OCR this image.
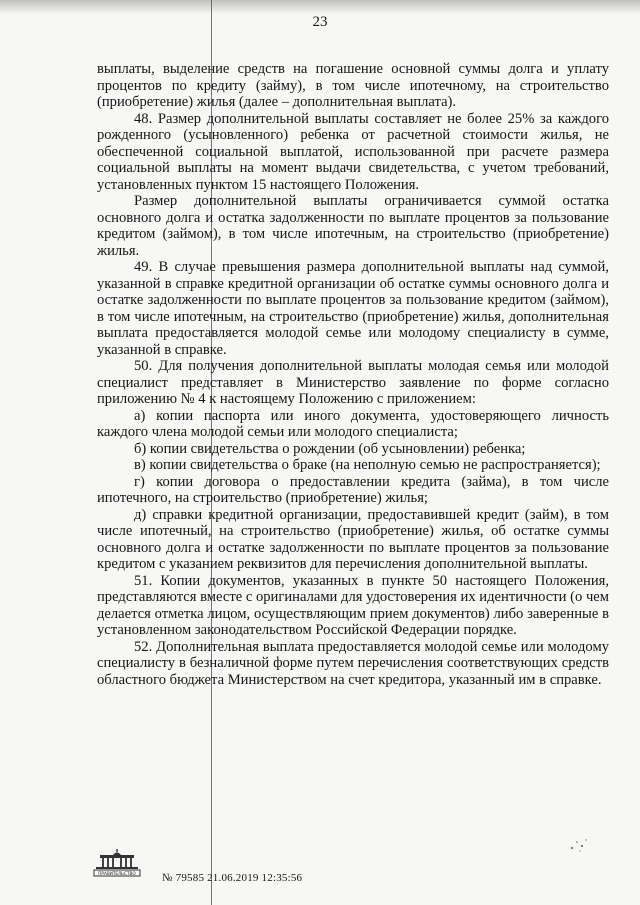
23

выплаты, выделение средств на погашение основной суммы долга и уплату процентов по кредиту (займу), в том числе ипотечному, на строительство (приобретение) жилья (далее – дополнительная выплата).

48. Размер дополнительной выплаты составляет не более 25% за каждого рожденного (усыновленного) ребенка от расчетной стоимости жилья, не обеспеченной социальной выплатой, использованной при расчете размера социальной выплаты на момент выдачи свидетельства, с учетом требований, установленных пунктом 15 настоящего Положения.

Размер дополнительной выплаты ограничивается суммой остатка основного долга и остатка задолженности по выплате процентов за пользование кредитом (займом), в том числе ипотечным, на строительство (приобретение) жилья.

49. В случае превышения размера дополнительной выплаты над суммой, указанной в справке кредитной организации об остатке суммы основного долга и остатке задолженности по выплате процентов за пользование кредитом (займом), в том числе ипотечным, на строительство (приобретение) жилья, дополнительная выплата предоставляется молодой семье или молодому специалисту в сумме, указанной в справке.

50. Для получения дополнительной выплаты молодая семья или молодой специалист представляет в Министерство заявление по форме согласно приложению № 4 к настоящему Положению с приложением:

а) копии паспорта или иного документа, удостоверяющего личность каждого члена молодой семьи или молодого специалиста;

б) копии свидетельства о рождении (об усыновлении) ребенка;

в) копии свидетельства о браке (на неполную семью не распространяется);

г) копии договора о предоставлении кредита (займа), в том числе ипотечного, на строительство (приобретение) жилья;

д) справки кредитной организации, предоставившей кредит (займ), в том числе ипотечный, на строительство (приобретение) жилья, об остатке суммы основного долга и остатке задолженности по выплате процентов за пользование кредитом с указанием реквизитов для перечисления дополнительной выплаты.

51. Копии документов, указанных в пункте 50 настоящего Положения, представляются вместе с оригиналами для удостоверения их идентичности (о чем делается отметка лицом, осуществляющим прием документов) либо заверенные в установленном законодательством Российской Федерации порядке.

52. Дополнительная выплата предоставляется молодой семье или молодому специалисту в безналичной форме путем перечисления соответствующих средств областного бюджета Министерством на счет кредитора, указанный им в справке.

ПРАВИТЕЛЬСТВО № 79585 21.06.2019 12:35:56
